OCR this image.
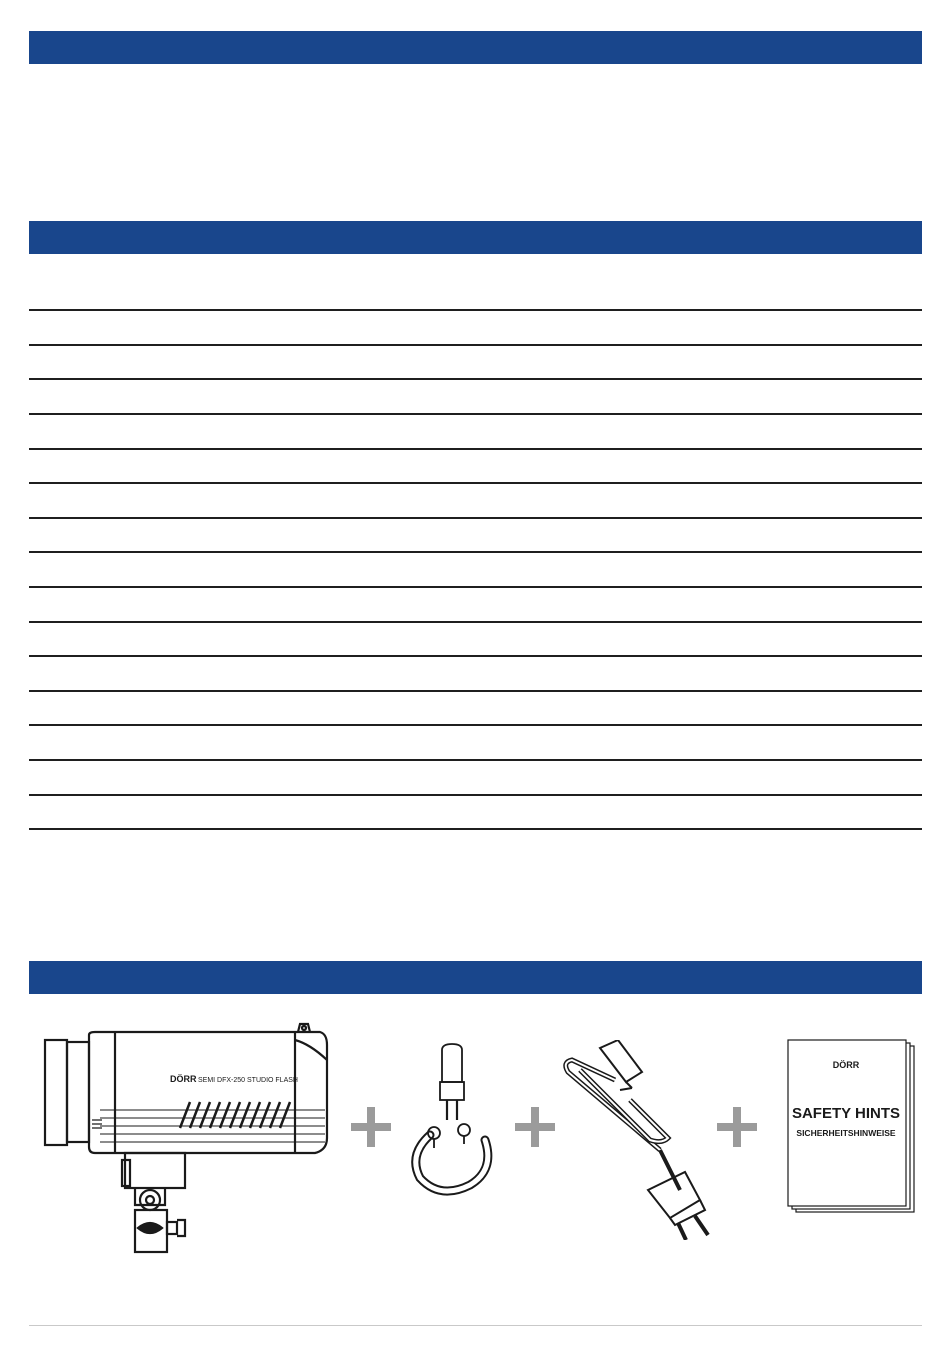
DÖRR SEMI DFX-250 STUDIO FLASH
DÖRR
SAFETY HINTS
SICHERHEITSHINWEISE
